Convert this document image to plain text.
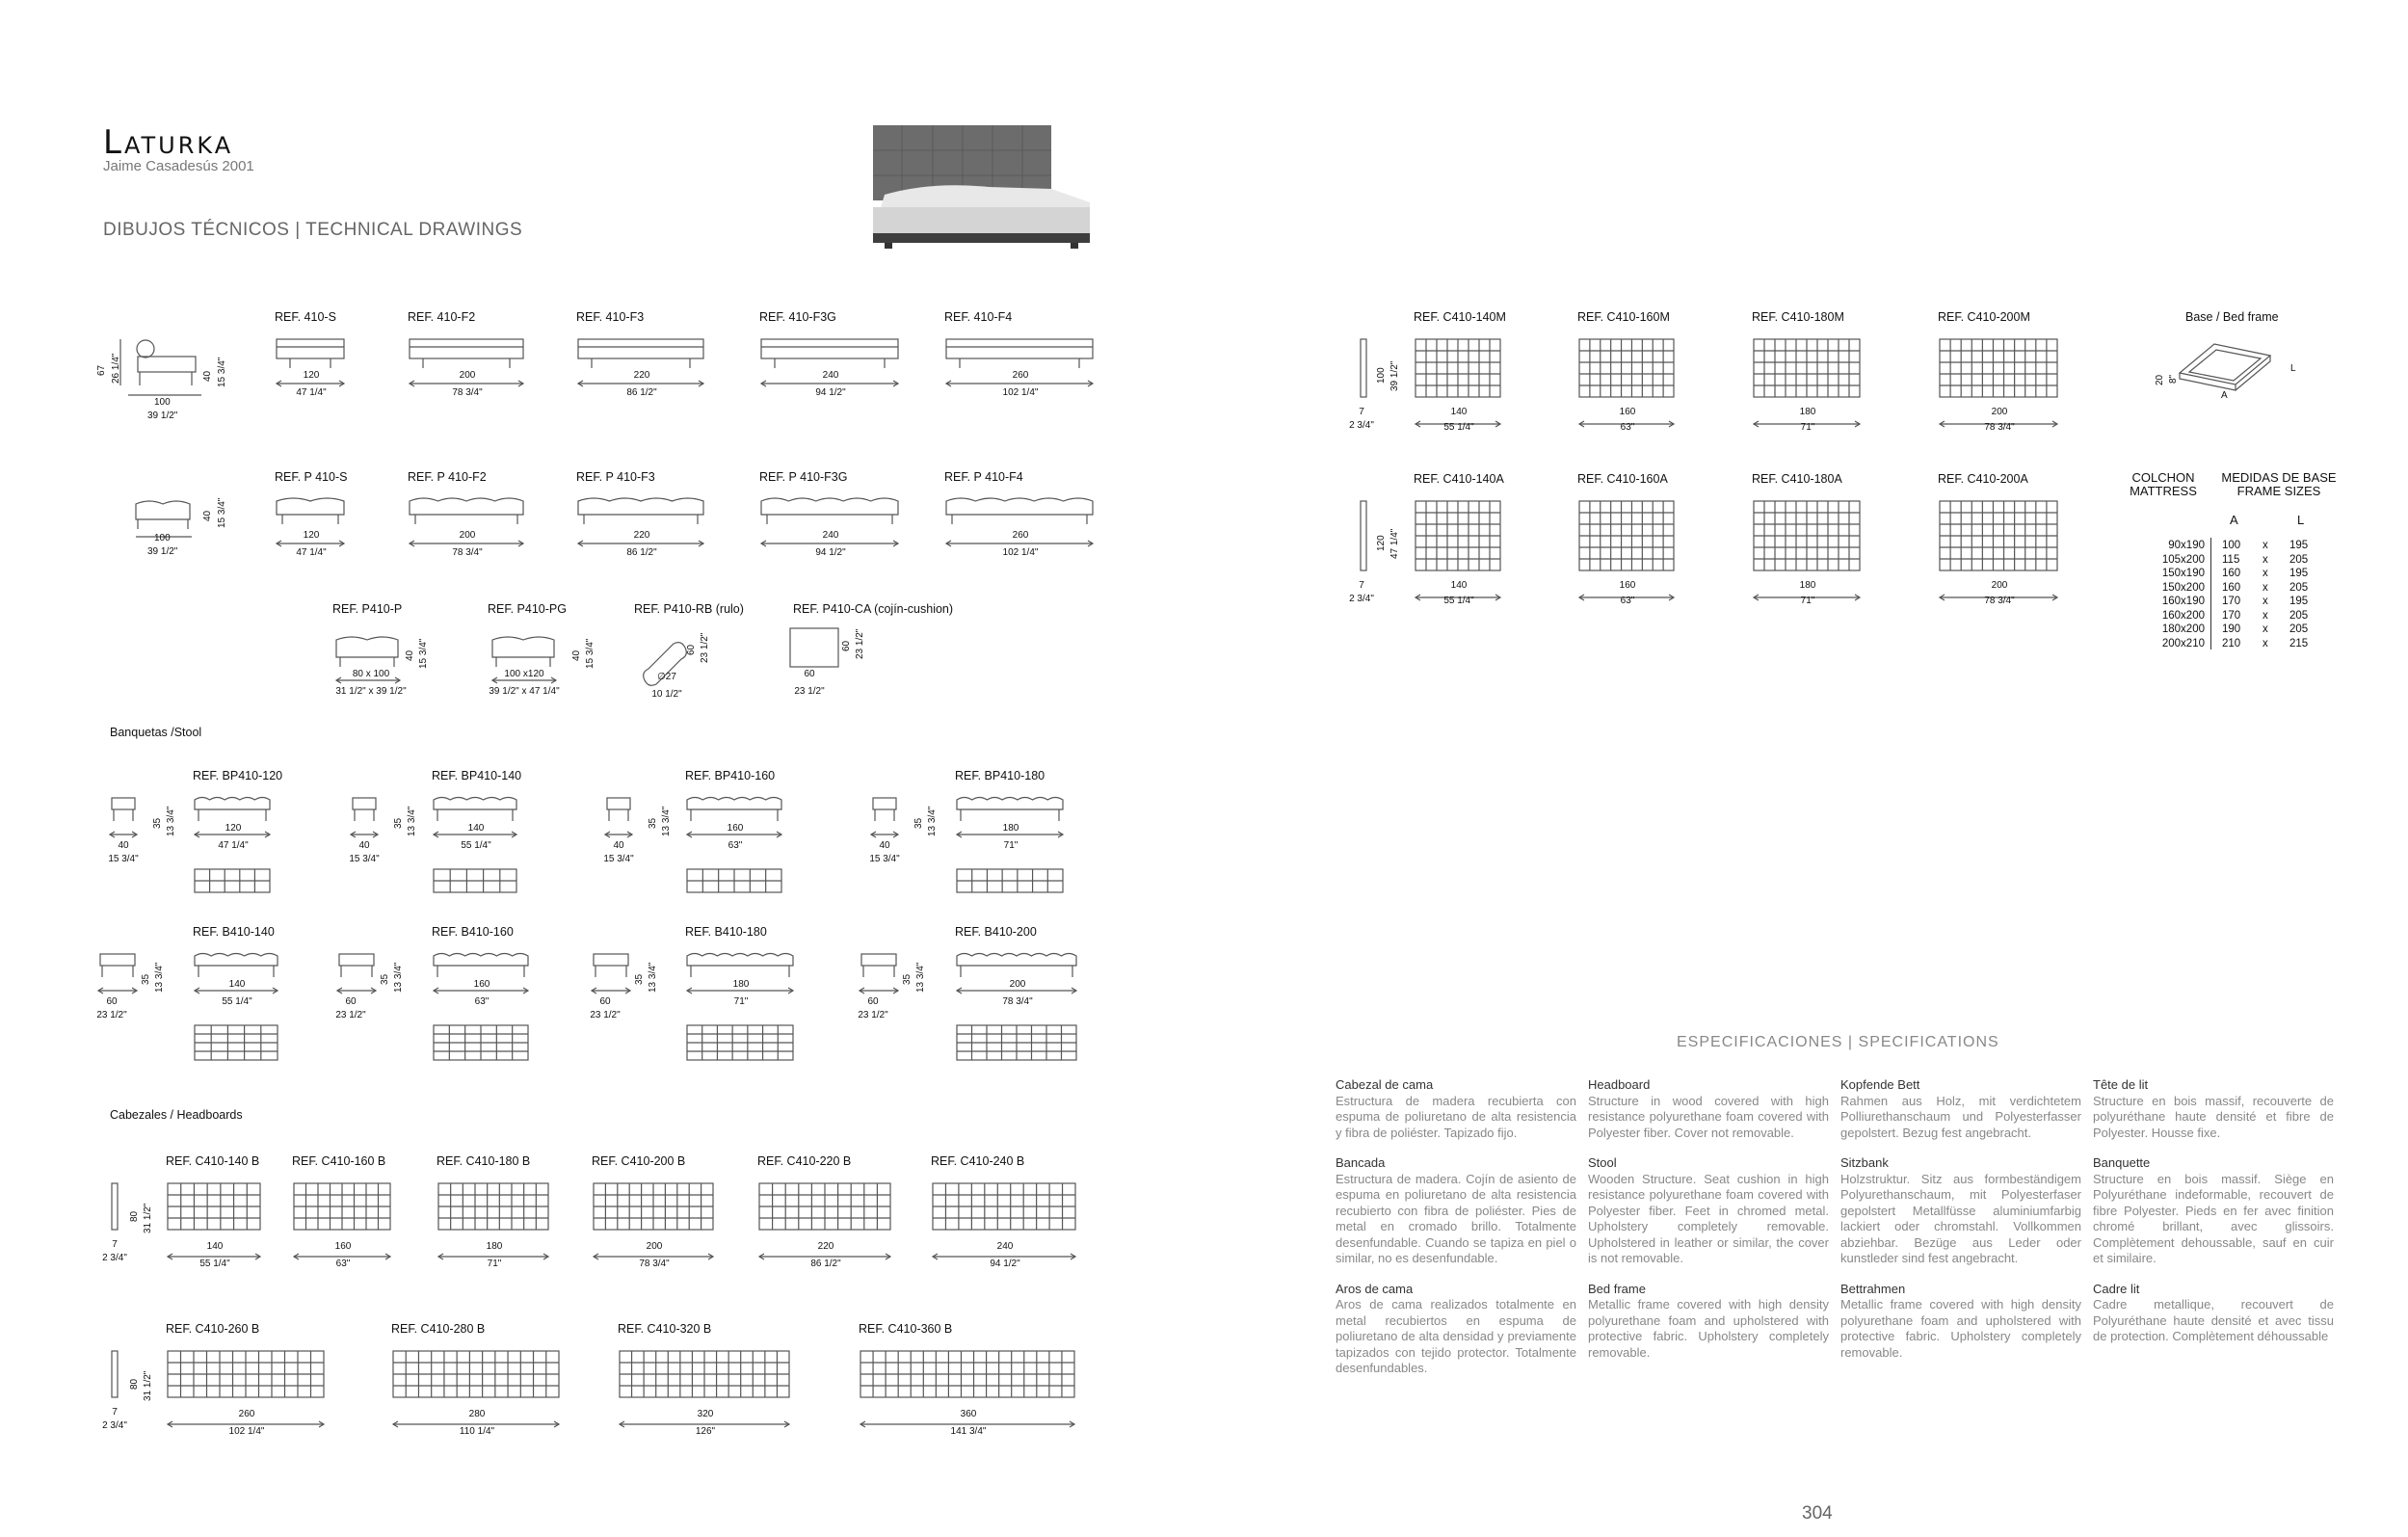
Laturka
Jaime Casadesús 2001
DIBUJOS TÉCNICOS | TECHNICAL DRAWINGS
67 26 1/4"	40 15 3/4"
100
39 1/2"
REF. 410-S
120
47 1/4"
REF. 410-F2
200
78 3/4"
REF. 410-F3
220
86 1/2"
REF. 410-F3G
240
94 1/2"
REF. 410-F4
260
102 1/4"
REF. P 410-S
120
47 1/4"
REF. P 410-F2
200
78 3/4"
REF. P 410-F3
220
86 1/2"
REF. P 410-F3G
240
94 1/2"
REF. P 410-F4
260
102 1/4"
40 15 3/4"
100
39 1/2"
REF. P410-P	REF. P410-PG	REF. P410-RB (rulo)	REF. P410-CA (cojín-cushion)
80 x 100
31 1/2" x 39 1/2"
100 x120
39 1/2" x 47 1/4"
∅27
10 1/2"
60
23 1/2"
40 15 3/4"	40 15 3/4"	60 23 1/2"	60 23 1/2"
Banquetas /Stool
REF. BP410-120
40
15 3/4"
35 13 3/4"	120
47 1/4"
REF. BP410-140
40
15 3/4"
35 13 3/4"	140
55 1/4"
REF. BP410-160
40
15 3/4"
35 13 3/4"	160
63"
REF. BP410-180
40
15 3/4"
35 13 3/4"	180
71"
REF. B410-140
60
23 1/2"
35 13 3/4"	140
55 1/4"
REF. B410-160
60
23 1/2"
35 13 3/4"	160
63"
REF. B410-180
60
23 1/2"
35 13 3/4"	180
71"
REF. B410-200
60
23 1/2"
35 13 3/4"	200
78 3/4"
Cabezales / Headboards
80 31 1/2"
7
2 3/4"
REF. C410-140 B
140
55 1/4"
REF. C410-160 B
160
63"
REF. C410-180 B
180
71"
REF. C410-200 B
200
78 3/4"
REF. C410-220 B
220
86 1/2"
REF. C410-240 B
240
94 1/2"
80 31 1/2"
7
2 3/4"
REF. C410-260 B
260
102 1/4"
REF. C410-280 B
280
110 1/4"
REF. C410-320 B
320
126"
REF. C410-360 B
360
141 3/4"
100 39 1/2"
7
2 3/4"
REF. C410-140M
140
55 1/4"
REF. C410-160M
160
63"
REF. C410-180M
180
71"
REF. C410-200M
200
78 3/4"
120 47 1/4"
7
2 3/4"
REF. C410-140A
140
55 1/4"
REF. C410-160A
160
63"
REF. C410-180A
180
71"
REF. C410-200A
200
78 3/4"
Base / Bed frame
20 8"
A
L
COLCHON
MATTRESS
MEDIDAS DE BASE
FRAME SIZES
A	L
90x190 100 x 195
105x200 115 x 205
150x190 160 x 195
150x200 160 x 205
160x190 170 x 195
160x200 170 x 205
180x200 190 x 205
200x210 210 x 215
ESPECIFICACIONES | SPECIFICATIONS
Cabezal de cama
Estructura de madera recubierta con espuma de poliuretano de alta resistencia y fibra de poliéster. Tapizado fijo.
Bancada
Estructura de madera. Cojín de asiento de espuma en poliuretano de alta resistencia recubierto con fibra de poliéster. Pies de metal en cromado brillo. Totalmente desenfundable. Cuando se tapiza en piel o similar, no es desenfundable.
Aros de cama
Aros de cama realizados totalmente en metal recubiertos en espuma de poliuretano de alta densidad y previamente tapizados con tejido protector. Totalmente desenfundables.
Headboard
Structure in wood covered with high resistance polyurethane foam covered with Polyester fiber. Cover not removable.
Stool
Wooden Structure. Seat cushion in high resistance polyurethane foam covered with Polyester fiber. Feet in chromed metal. Upholstery completely removable. Upholstered in leather or similar, the cover is not removable.
Bed frame
Metallic frame covered with high density polyurethane foam and upholstered with protective fabric. Upholstery completely removable.
Kopfende Bett
Rahmen aus Holz, mit verdichtetem Polliurethanschaum und Polyesterfasser gepolstert. Bezug fest angebracht.
Sitzbank
Holzstruktur. Sitz aus formbeständigem Polyurethanschaum, mit Polyesterfaser gepolstert Metallfüsse aluminiumfarbig lackiert oder chromstahl. Vollkommen abziehbar. Bezüge aus Leder oder kunstleder sind fest angebracht.
Bettrahmen
Metallic frame covered with high density polyurethane foam and upholstered with protective fabric. Upholstery completely removable.
Tête de lit
Structure en bois massif, recouverte de polyuréthane haute densité et fibre de Polyester. Housse fixe.
Banquette
Structure en bois massif. Siège en Polyuréthane indeformable, recouvert de fibre Polyester. Pieds en fer avec finition chromé brillant, avec glissoirs. Complètement dehoussable, sauf en cuir et similaire.
Cadre lit
Cadre metallique, recouvert de Polyuréthane haute densité et avec tissu de protection. Complètement déhoussable
304
